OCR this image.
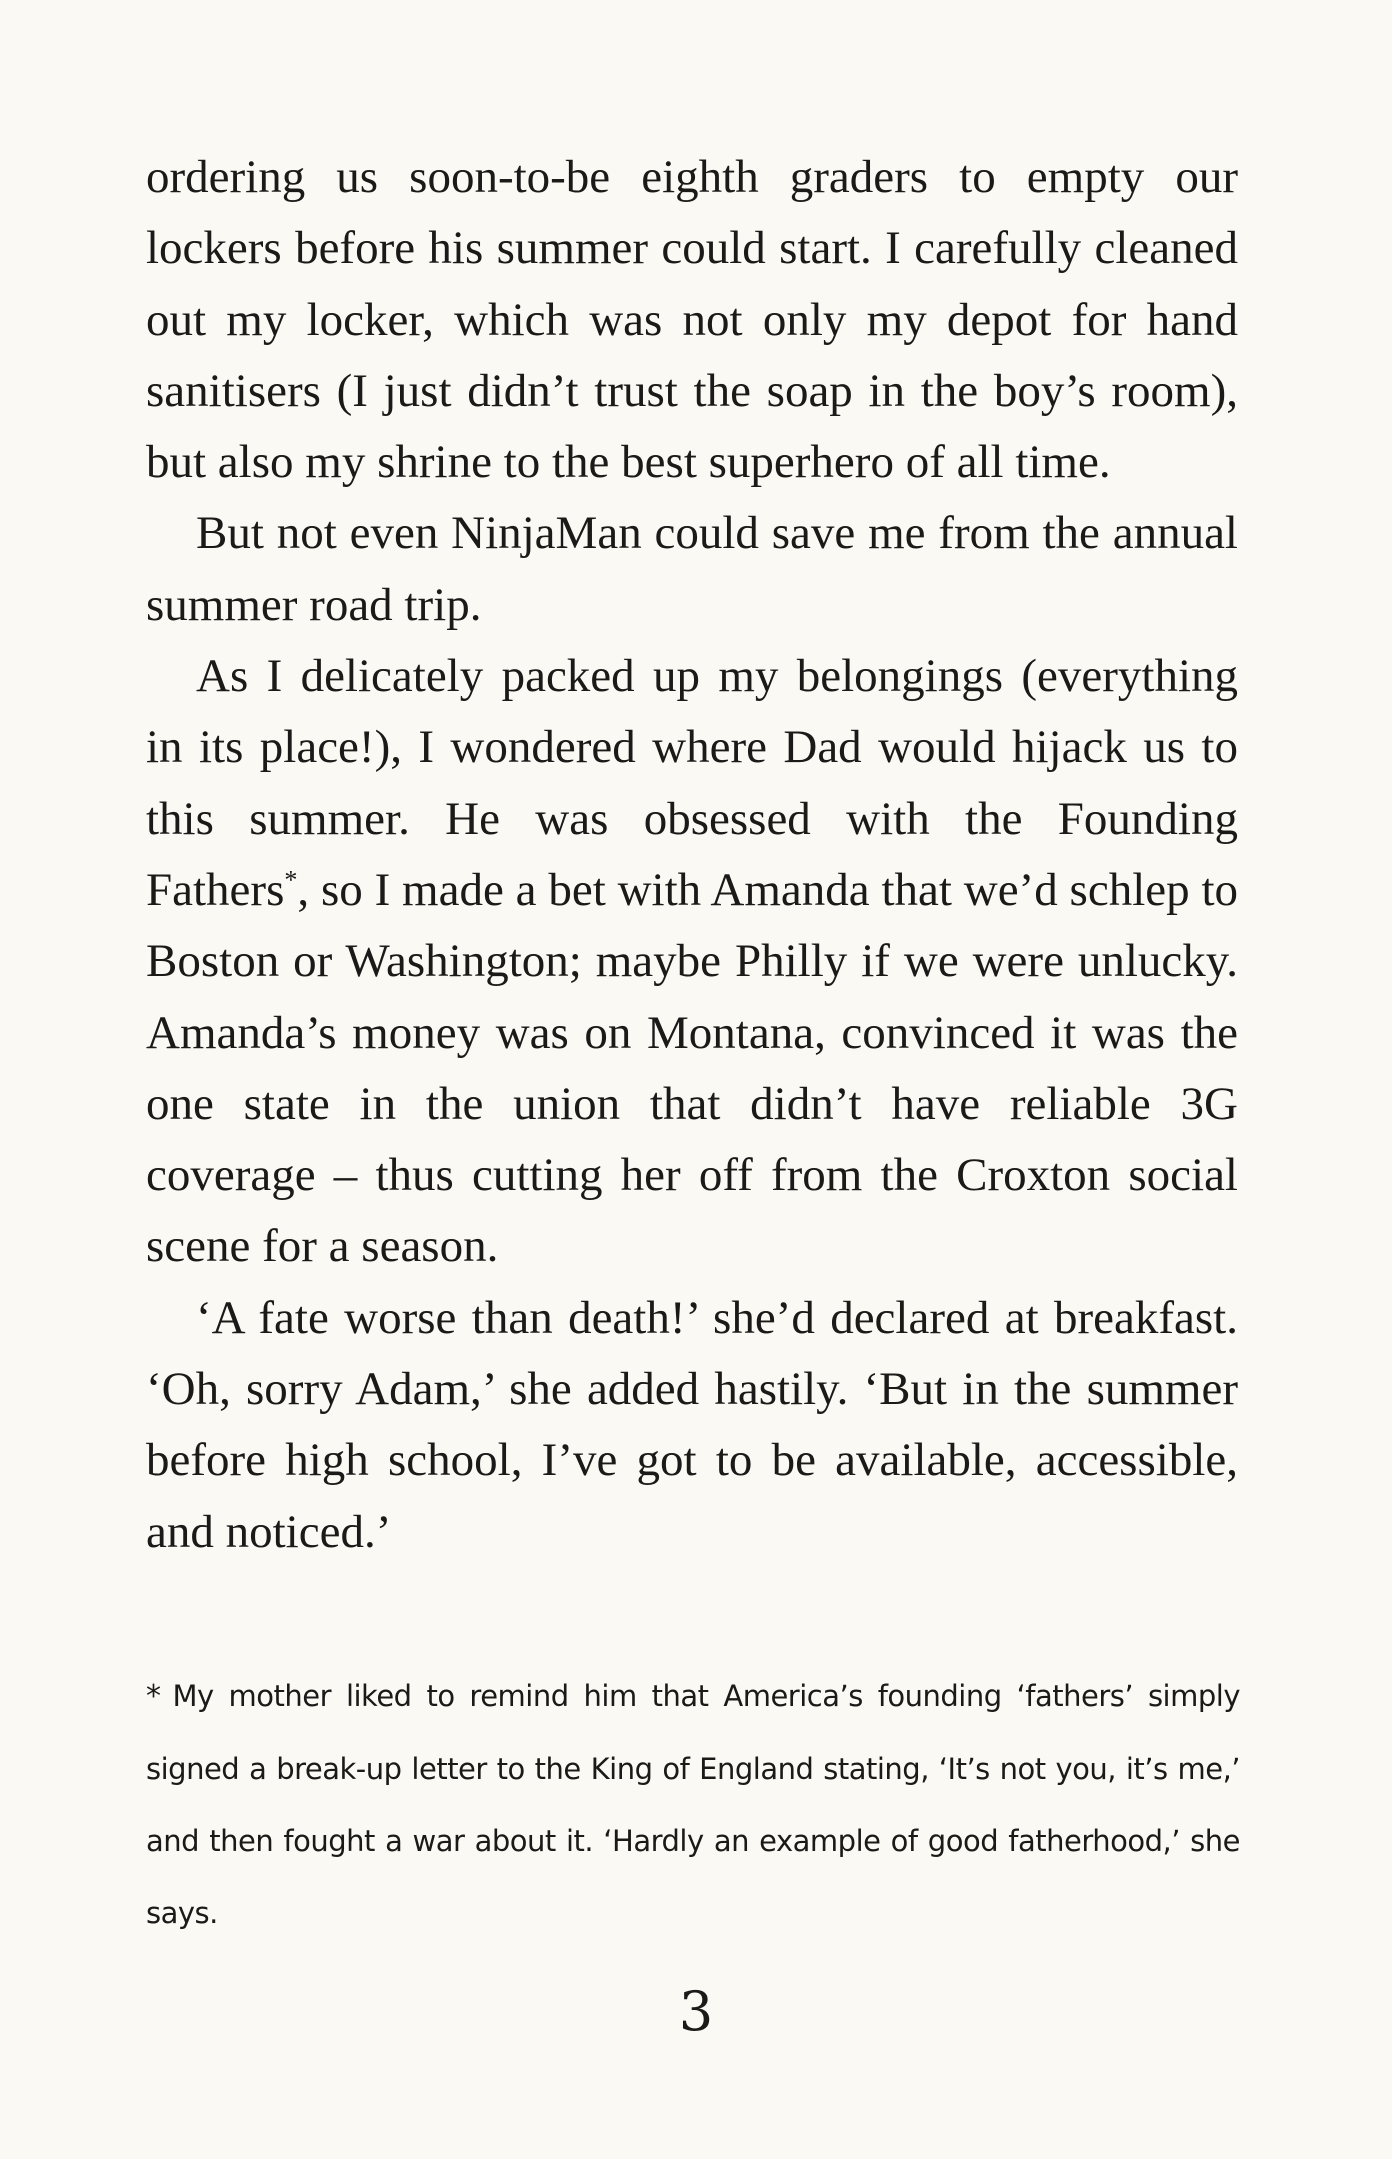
ordering us soon-to-be eighth graders to empty our lockers before his summer could start. I carefully cleaned out my locker, which was not only my depot for hand sanitisers (I just didn’t trust the soap in the boy’s room), but also my shrine to the best superhero of all time.

But not even NinjaMan could save me from the annual summer road trip.

As I delicately packed up my belongings (everything in its place!), I wondered where Dad would hijack us to this summer. He was obsessed with the Founding Fathers*, so I made a bet with Amanda that we’d schlep to Boston or Washington; maybe Philly if we were unlucky. Amanda’s money was on Montana, convinced it was the one state in the union that didn’t have reliable 3G coverage – thus cutting her off from the Croxton social scene for a season.

‘A fate worse than death!’ she’d declared at breakfast. ‘Oh, sorry Adam,’ she added hastily. ‘But in the summer before high school, I’ve got to be available, accessible, and noticed.’

* My mother liked to remind him that America’s founding ‘fathers’ simply signed a break-up letter to the King of England stating, ‘It’s not you, it’s me,’ and then fought a war about it. ‘Hardly an example of good fatherhood,’ she says.
3
